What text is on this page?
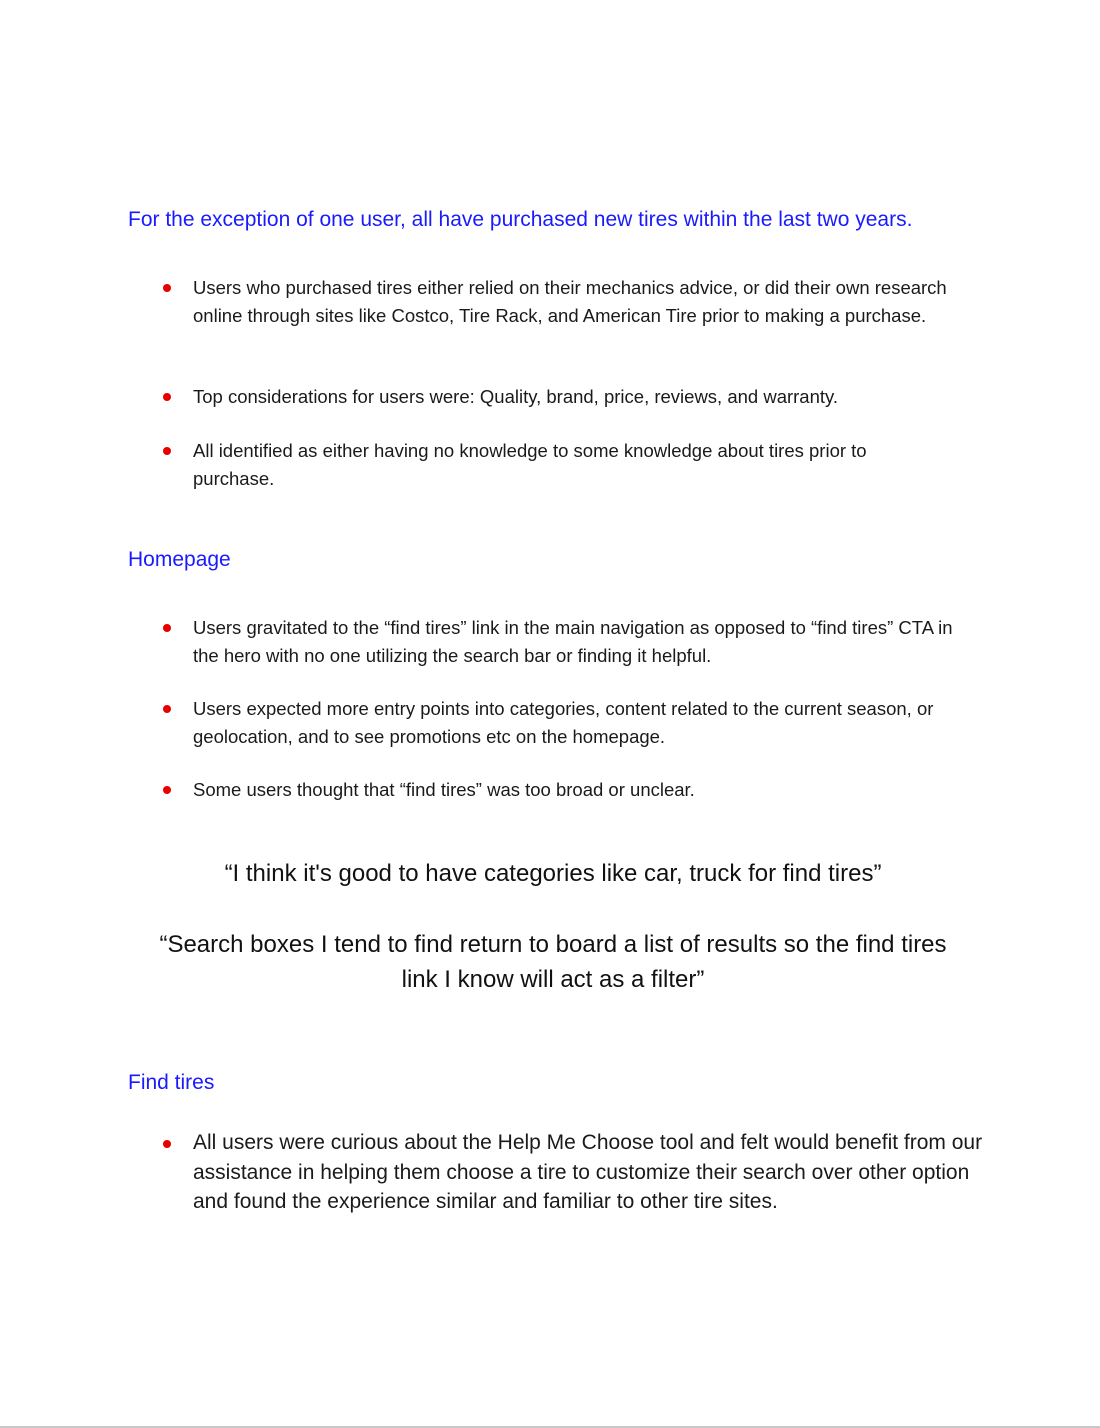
For the exception of one user, all have purchased new tires within the last two years.
Users who purchased tires either relied on their mechanics advice, or did their own research online through sites like Costco, Tire Rack, and American Tire prior to making a purchase.
Top considerations for users were: Quality, brand, price, reviews, and warranty.
All identified as either having no knowledge to some knowledge about tires prior to purchase.
Homepage
Users gravitated to the “find tires” link in the main navigation as opposed to “find tires” CTA in the hero with no one utilizing the search bar or finding it helpful.
Users expected more entry points into categories, content related to the current season, or geolocation, and to see promotions etc on the homepage.
Some users thought that “find tires” was too broad or unclear.

“I think it's good to have categories like car, truck for find tires”

“Search boxes I tend to find return to board a list of results so the find tires link I know will act as a filter”

Find tires
All users were curious about the Help Me Choose tool and felt would benefit from our assistance in helping them choose a tire to customize their search over other option and found the experience similar and familiar to other tire sites.
